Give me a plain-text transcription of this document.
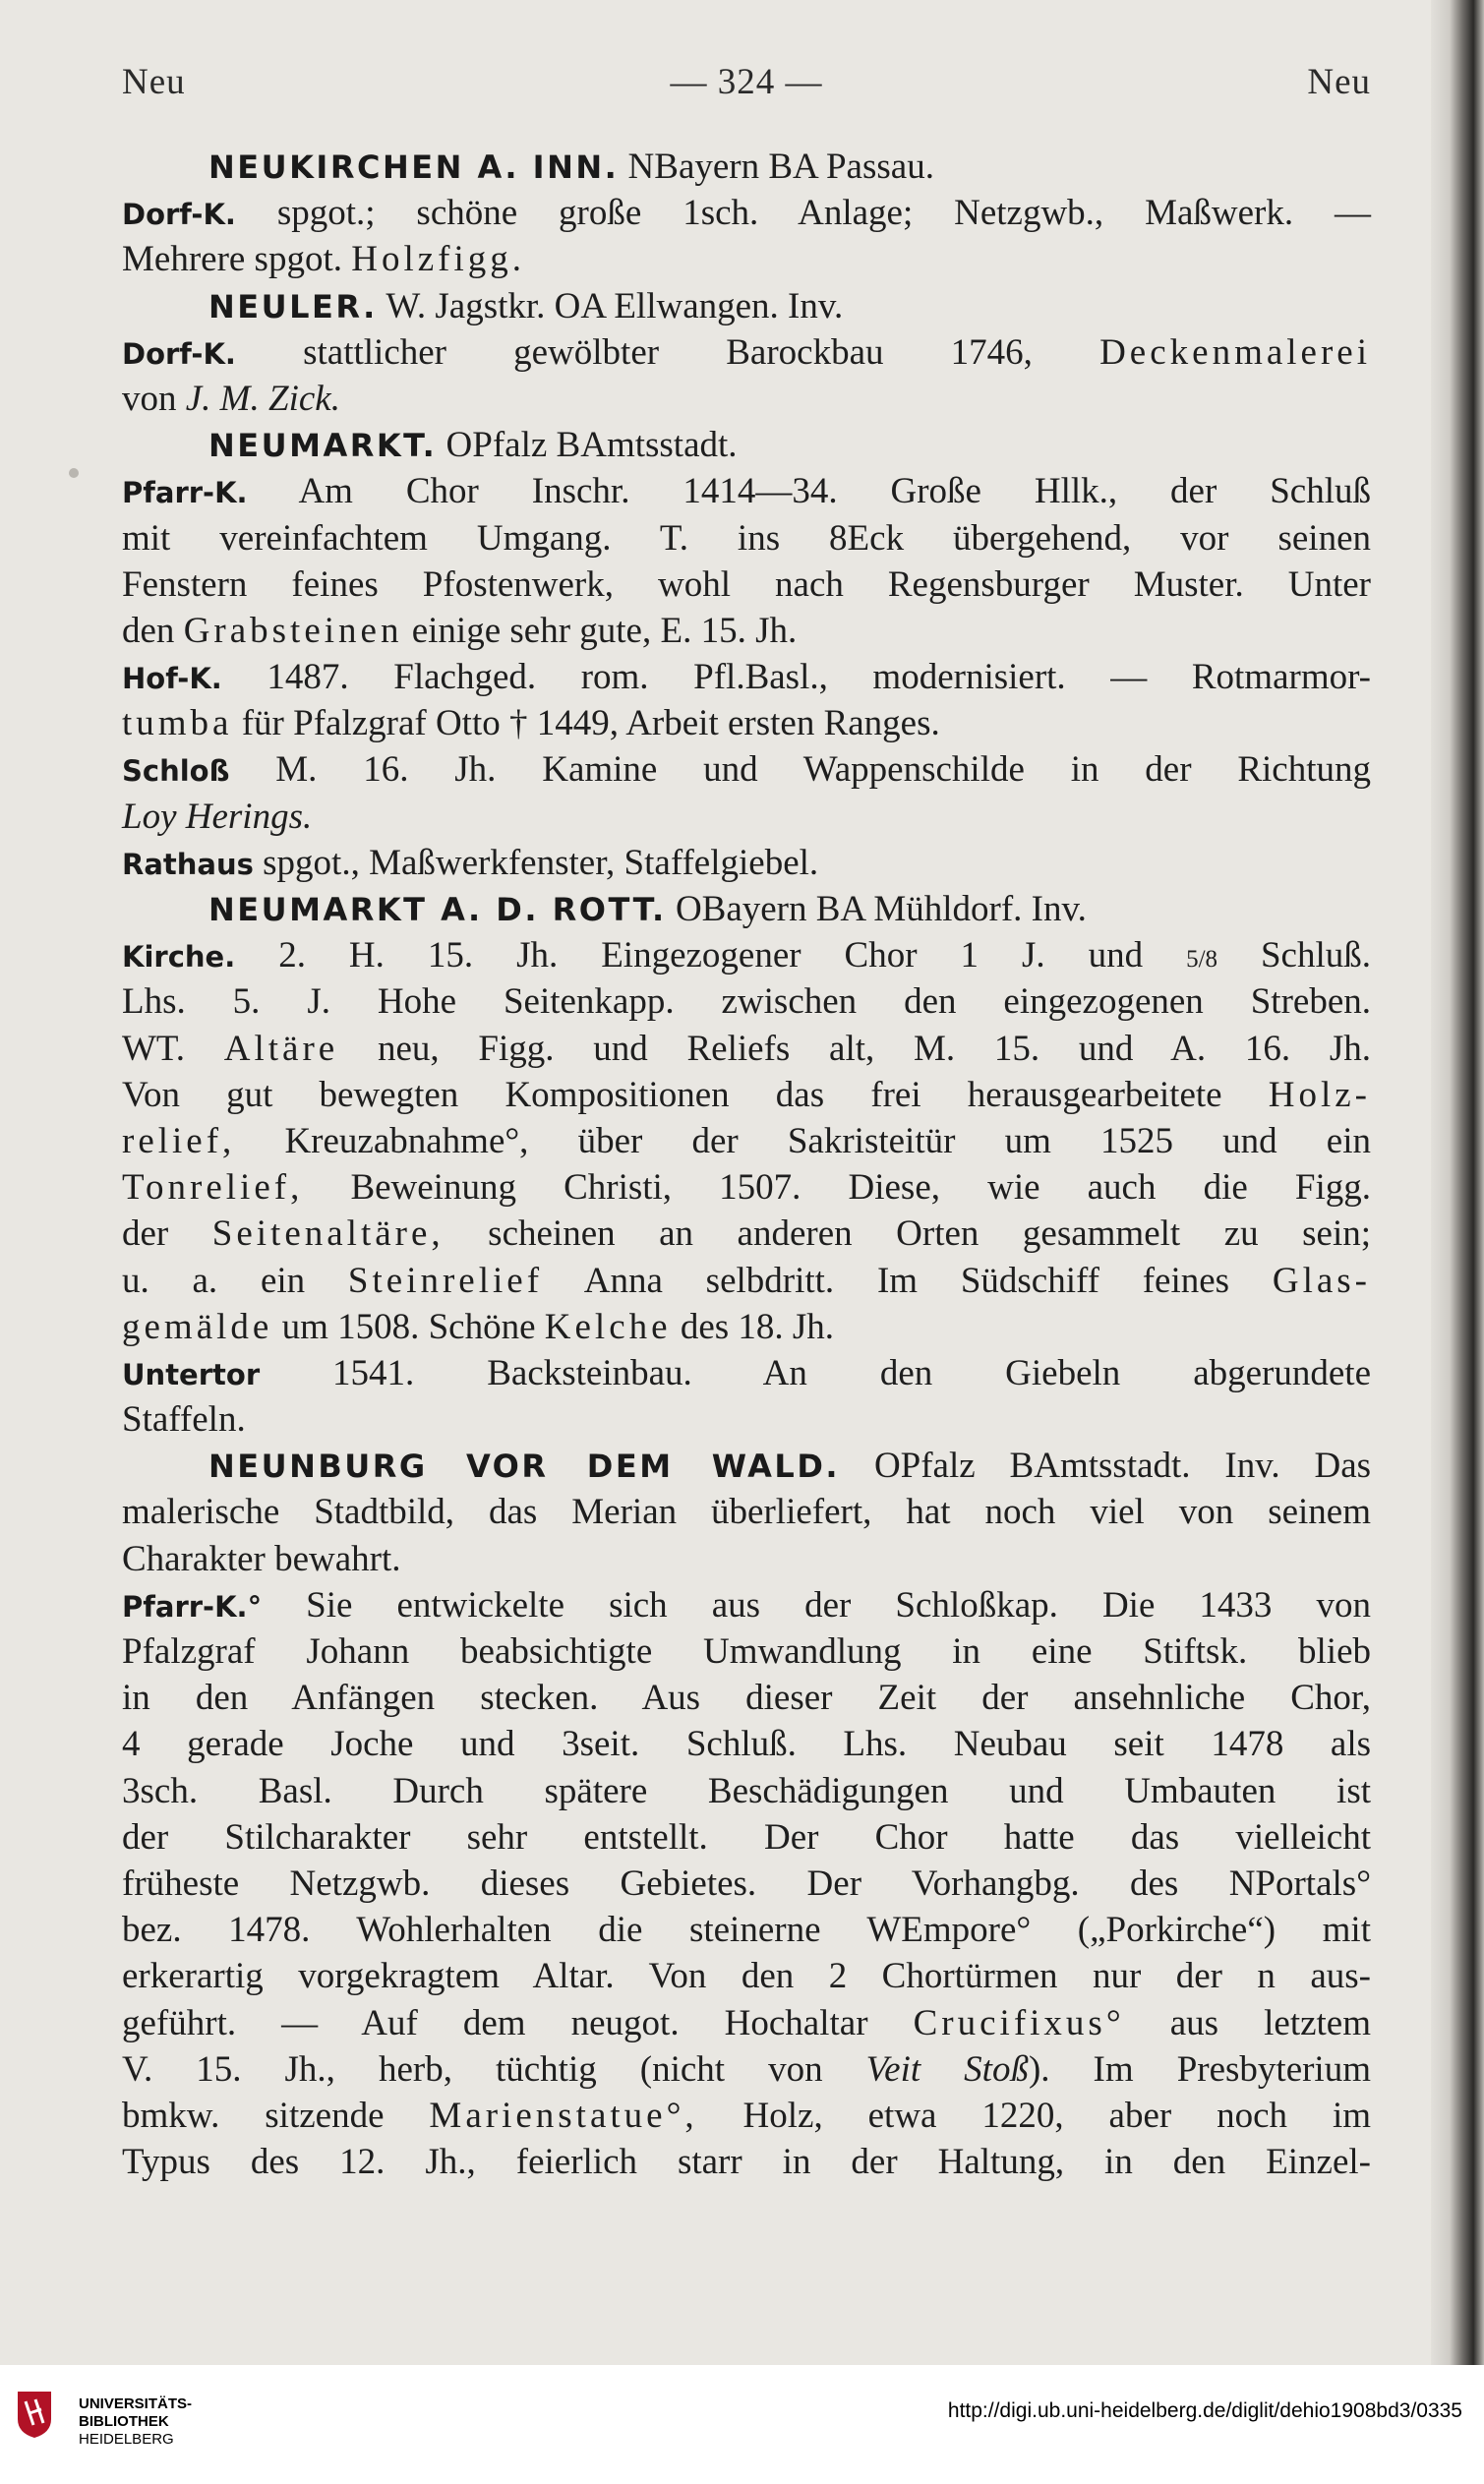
Neu	— 324 —	Neu
NEUKIRCHEN A. INN. NBayern BA Passau.
Dorf-K. spgot.; schöne große 1sch. Anlage; Netzgwb., Maßwerk. —
Mehrere spgot. Holzfigg.
NEULER. W. Jagstkr. OA Ellwangen. Inv.
Dorf-K. stattlicher gewölbter Barockbau 1746, Deckenmalerei
von J. M. Zick.
NEUMARKT. OPfalz BAmtsstadt.
Pfarr-K. Am Chor Inschr. 1414—34. Große Hllk., der Schluß
mit vereinfachtem Umgang. T. ins 8Eck übergehend, vor seinen
Fenstern feines Pfostenwerk, wohl nach Regensburger Muster. Unter
den Grabsteinen einige sehr gute, E. 15. Jh.
Hof-K. 1487. Flachged. rom. Pfl.Basl., modernisiert. — Rotmarmor-
tumba für Pfalzgraf Otto † 1449, Arbeit ersten Ranges.
Schloß M. 16. Jh. Kamine und Wappenschilde in der Richtung
Loy Herings.
Rathaus spgot., Maßwerkfenster, Staffelgiebel.
NEUMARKT A. D. ROTT. OBayern BA Mühldorf. Inv.
Kirche. 2. H. 15. Jh. Eingezogener Chor 1 J. und 5/8 Schluß.
Lhs. 5. J. Hohe Seitenkapp. zwischen den eingezogenen Streben.
WT. Altäre neu, Figg. und Reliefs alt, M. 15. und A. 16. Jh.
Von gut bewegten Kompositionen das frei herausgearbeitete Holz-
relief, Kreuzabnahme°, über der Sakristeitür um 1525 und ein
Tonrelief, Beweinung Christi, 1507. Diese, wie auch die Figg.
der Seitenaltäre, scheinen an anderen Orten gesammelt zu sein;
u. a. ein Steinrelief Anna selbdritt. Im Südschiff feines Glas-
gemälde um 1508. Schöne Kelche des 18. Jh.
Untertor 1541. Backsteinbau. An den Giebeln abgerundete
Staffeln.
NEUNBURG VOR DEM WALD. OPfalz BAmtsstadt. Inv. Das
malerische Stadtbild, das Merian überliefert, hat noch viel von seinem
Charakter bewahrt.
Pfarr-K.° Sie entwickelte sich aus der Schloßkap. Die 1433 von
Pfalzgraf Johann beabsichtigte Umwandlung in eine Stiftsk. blieb
in den Anfängen stecken. Aus dieser Zeit der ansehnliche Chor,
4 gerade Joche und 3seit. Schluß. Lhs. Neubau seit 1478 als
3sch. Basl. Durch spätere Beschädigungen und Umbauten ist
der Stilcharakter sehr entstellt. Der Chor hatte das vielleicht
früheste Netzgwb. dieses Gebietes. Der Vorhangbg. des NPortals°
bez. 1478. Wohlerhalten die steinerne WEmpore° („Porkirche“) mit
erkerartig vorgekragtem Altar. Von den 2 Chortürmen nur der n aus-
geführt. — Auf dem neugot. Hochaltar Crucifixus° aus letztem
V. 15. Jh., herb, tüchtig (nicht von Veit Stoß). Im Presbyterium
bmkw. sitzende Marienstatue°, Holz, etwa 1220, aber noch im
Typus des 12. Jh., feierlich starr in der Haltung, in den Einzel-
UNIVERSITÄTS-
BIBLIOTHEK
HEIDELBERG
http://digi.ub.uni-heidelberg.de/diglit/dehio1908bd3/0335
